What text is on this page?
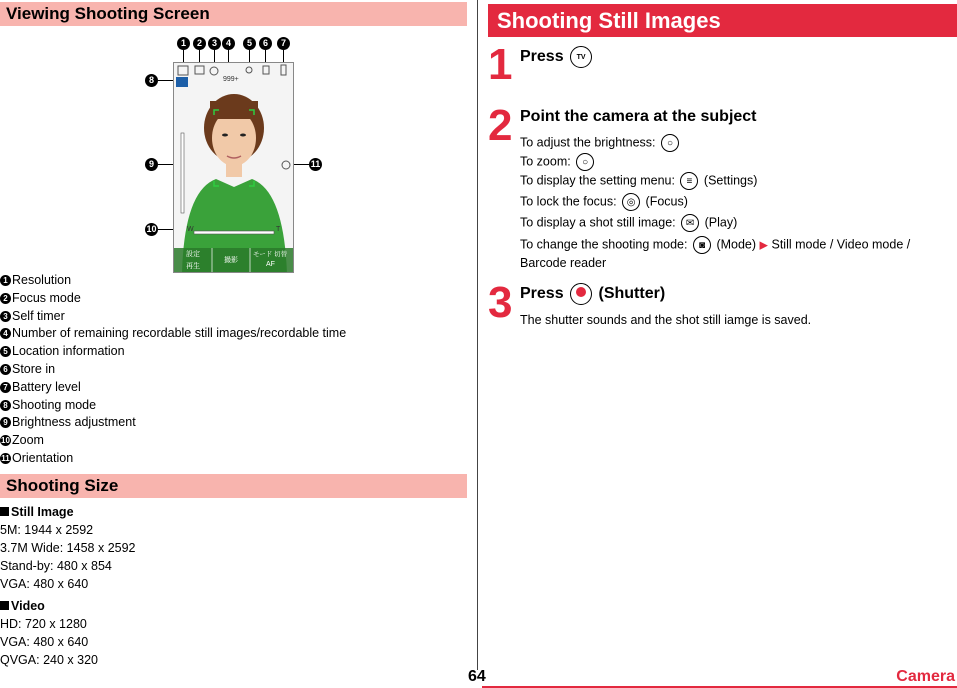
Viewing Shooting Screen
1	2	3 4	5	6	7
8
9
10
11
999+
W	T
設定
再生
撮影
モード 切替
AF
1 Resolution
2 Focus mode
3 Self timer
4 Number of remaining recordable still images/recordable time
5 Location information
6 Store in
7 Battery level
8 Shooting mode
9 Brightness adjustment
10 Zoom
11 Orientation
Shooting Size
Still Image
5M: 1944 x 2592
3.7M Wide: 1458 x 2592
Stand-by: 480 x 854
VGA: 480 x 640
Video
HD: 720 x 1280
VGA: 480 x 640
QVGA: 240 x 320
Shooting Still Images
1 Press TV
2 Point the camera at the subject
To adjust the brightness: ○
To zoom: ○
To display the setting menu: ≡ (Settings)
To lock the focus: ◎ (Focus)
To display a shot still image: ✉ (Play)
To change the shooting mode: ◙ (Mode) ▶ Still mode / Video mode /
Barcode reader
3 Press (Shutter)
The shutter sounds and the shot still iamge is saved.
64	Camera
